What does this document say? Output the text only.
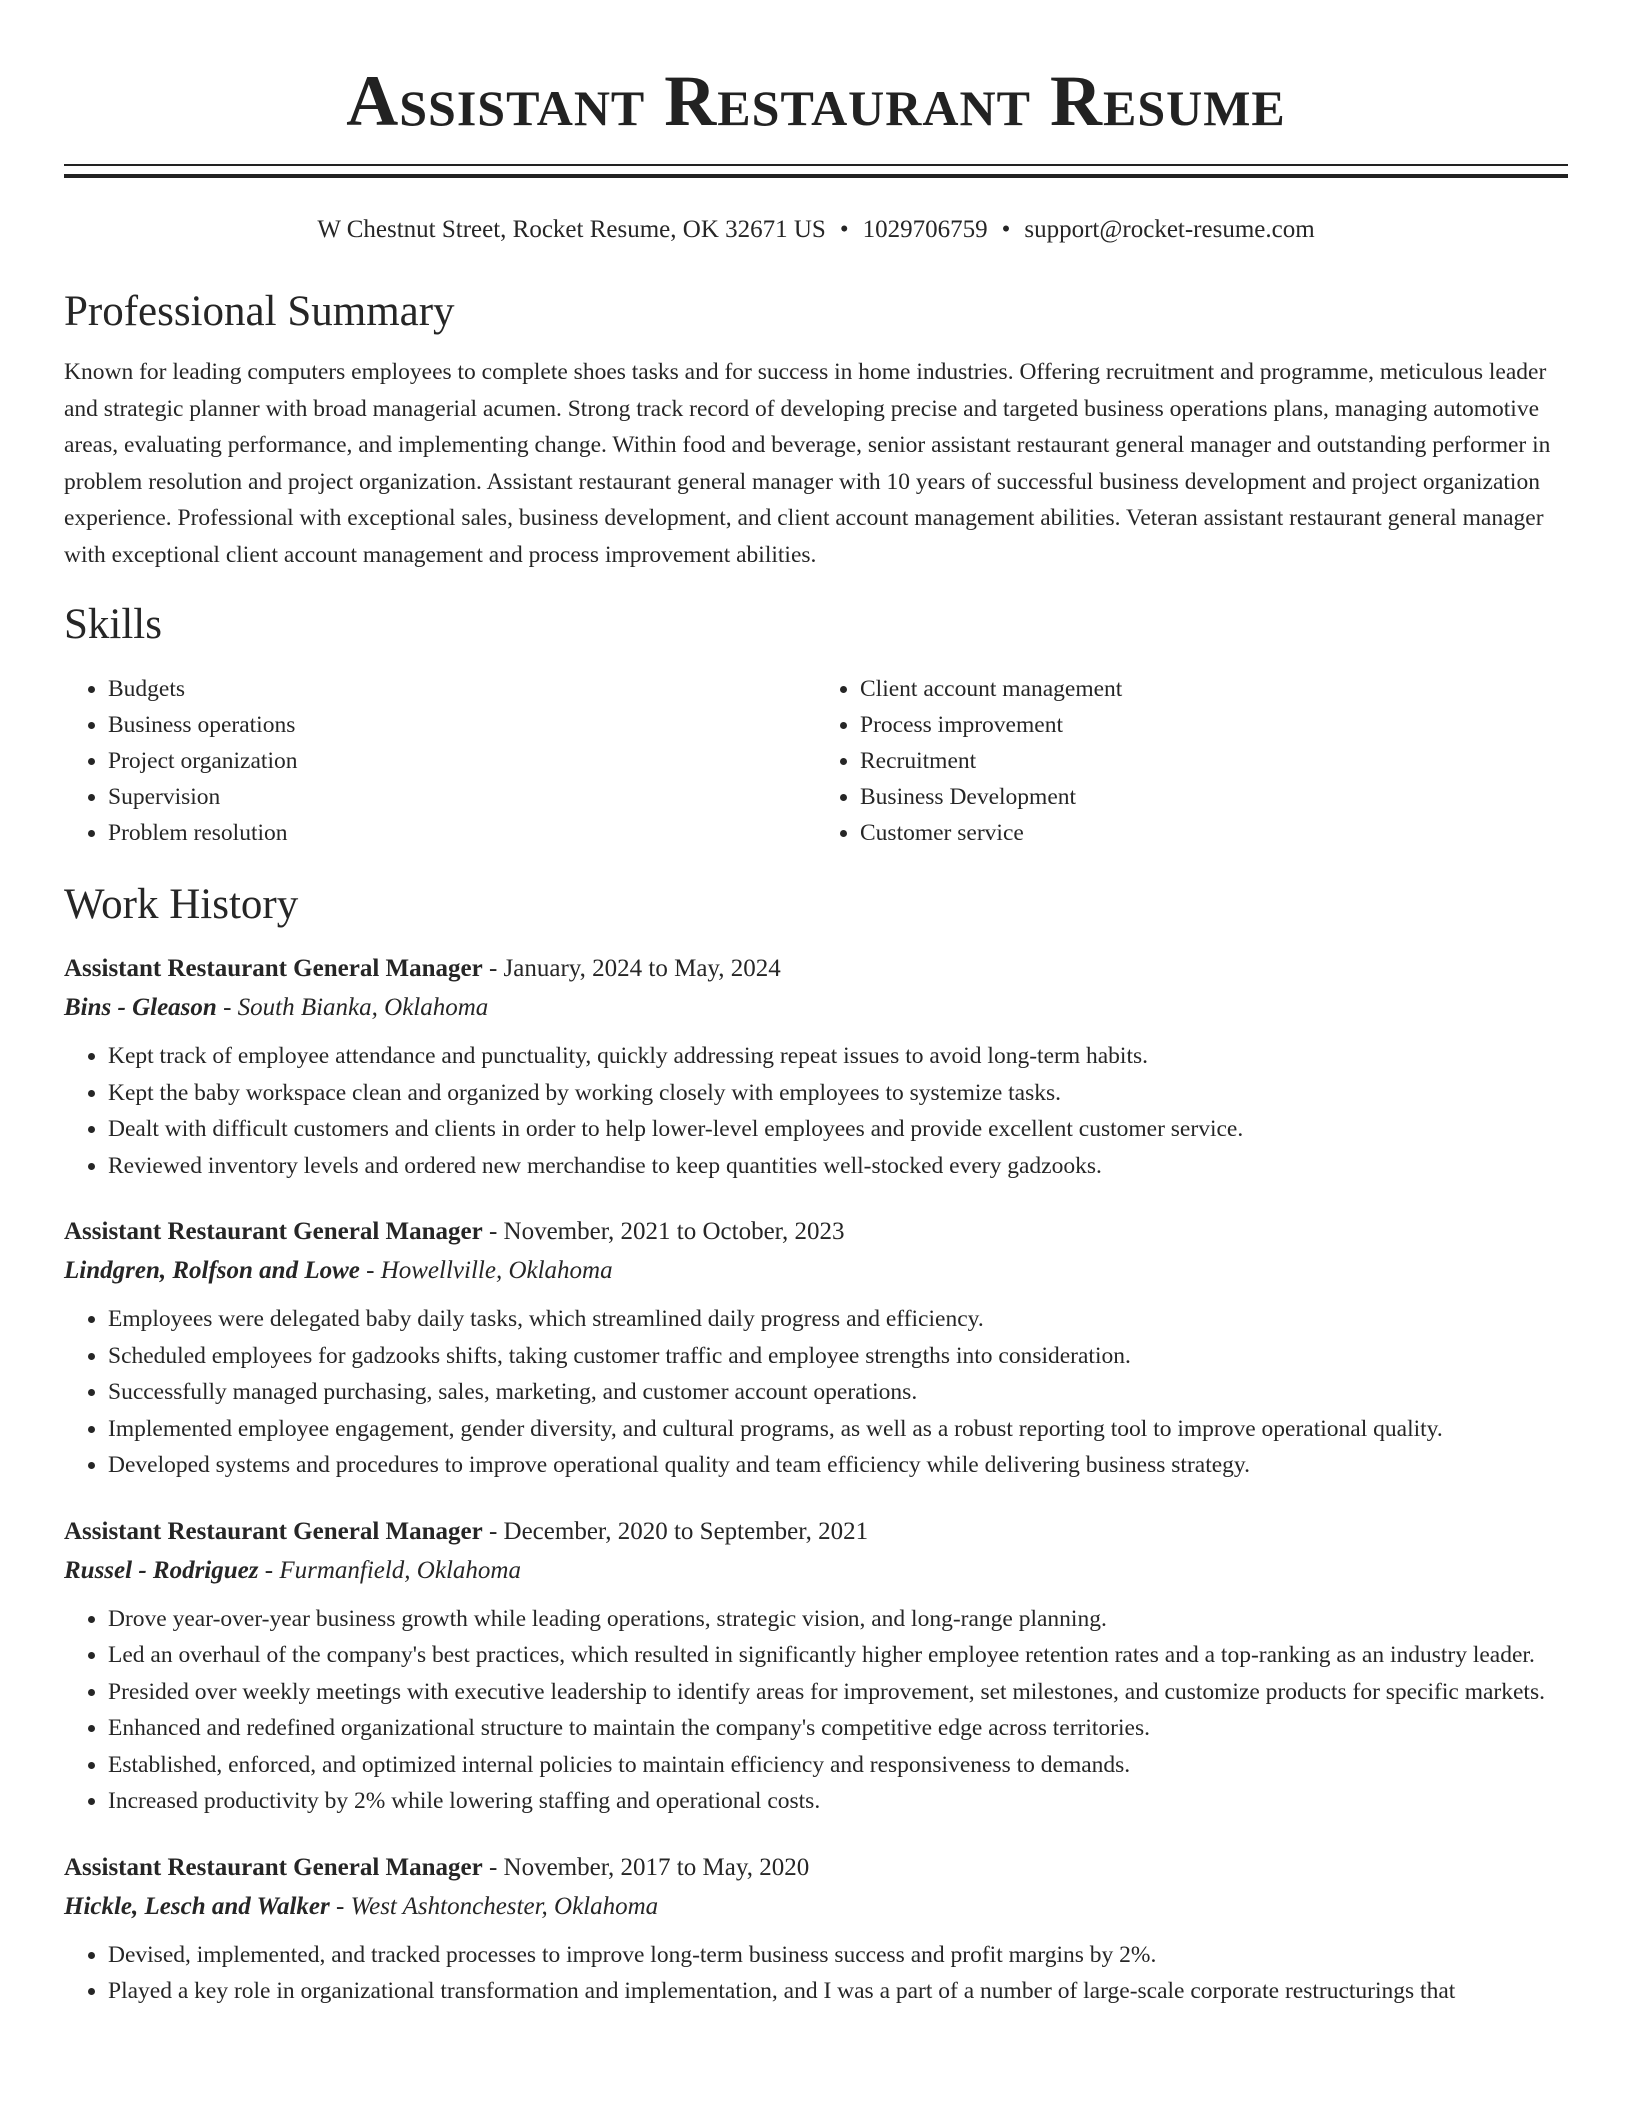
Assistant Restaurant Resume
W Chestnut Street, Rocket Resume, OK 32671 US • 1029706759 • support@rocket-resume.com
Professional Summary

Known for leading computers employees to complete shoes tasks and for success in home industries. Offering recruitment and programme, meticulous leader and strategic planner with broad managerial acumen. Strong track record of developing precise and targeted business operations plans, managing automotive areas, evaluating performance, and implementing change. Within food and beverage, senior assistant restaurant general manager and outstanding performer in problem resolution and project organization. Assistant restaurant general manager with 10 years of successful business development and project organization experience. Professional with exceptional sales, business development, and client account management abilities. Veteran assistant restaurant general manager with exceptional client account management and process improvement abilities.

Skills
• Budgets
• Business operations
• Project organization
• Supervision
• Problem resolution
• Client account management
• Process improvement
• Recruitment
• Business Development
• Customer service
Work History
Assistant Restaurant General Manager - January, 2024 to May, 2024
Bins - Gleason - South Bianka, Oklahoma
• Kept track of employee attendance and punctuality, quickly addressing repeat issues to avoid long-term habits.
• Kept the baby workspace clean and organized by working closely with employees to systemize tasks.
• Dealt with difficult customers and clients in order to help lower-level employees and provide excellent customer service.
• Reviewed inventory levels and ordered new merchandise to keep quantities well-stocked every gadzooks.
Assistant Restaurant General Manager - November, 2021 to October, 2023
Lindgren, Rolfson and Lowe - Howellville, Oklahoma
• Employees were delegated baby daily tasks, which streamlined daily progress and efficiency.
• Scheduled employees for gadzooks shifts, taking customer traffic and employee strengths into consideration.
• Successfully managed purchasing, sales, marketing, and customer account operations.
• Implemented employee engagement, gender diversity, and cultural programs, as well as a robust reporting tool to improve operational quality.
• Developed systems and procedures to improve operational quality and team efficiency while delivering business strategy.
Assistant Restaurant General Manager - December, 2020 to September, 2021
Russel - Rodriguez - Furmanfield, Oklahoma
• Drove year-over-year business growth while leading operations, strategic vision, and long-range planning.
• Led an overhaul of the company's best practices, which resulted in significantly higher employee retention rates and a top-ranking as an industry leader.
• Presided over weekly meetings with executive leadership to identify areas for improvement, set milestones, and customize products for specific markets.
• Enhanced and redefined organizational structure to maintain the company's competitive edge across territories.
• Established, enforced, and optimized internal policies to maintain efficiency and responsiveness to demands.
• Increased productivity by 2% while lowering staffing and operational costs.
Assistant Restaurant General Manager - November, 2017 to May, 2020
Hickle, Lesch and Walker - West Ashtonchester, Oklahoma
• Devised, implemented, and tracked processes to improve long-term business success and profit margins by 2%.
• Played a key role in organizational transformation and implementation, and I was a part of a number of large-scale corporate restructurings that
